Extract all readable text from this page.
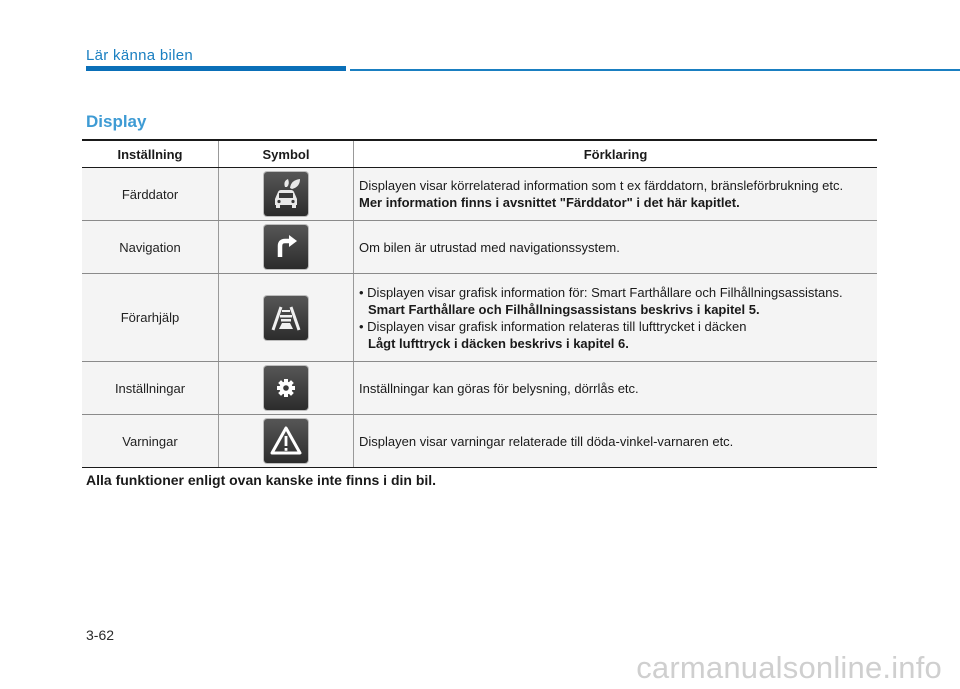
Lär känna bilen
Display
Inställning	Symbol	Förklaring
Färddator		Displayen visar körrelaterad information som t ex färddatorn, bränsleförbrukning etc.
Mer information finns i avsnittet "Färddator" i det här kapitlet.

Navigation		Om bilen är utrustad med navigationssystem.

Förarhjälp		• Displayen visar grafisk information för: Smart Farthållare och Filhållningsassistans.
Smart Farthållare och Filhållningsassistans beskrivs i kapitel 5.
• Displayen visar grafisk information relateras till lufttrycket i däcken
Lågt lufttryck i däcken beskrivs i kapitel 6.

Inställningar		Inställningar kan göras för belysning, dörrlås etc.

Varningar		Displayen visar varningar relaterade till döda-vinkel-varnaren etc.
Alla funktioner enligt ovan kanske inte finns i din bil.
3-62
carmanualsonline.info
